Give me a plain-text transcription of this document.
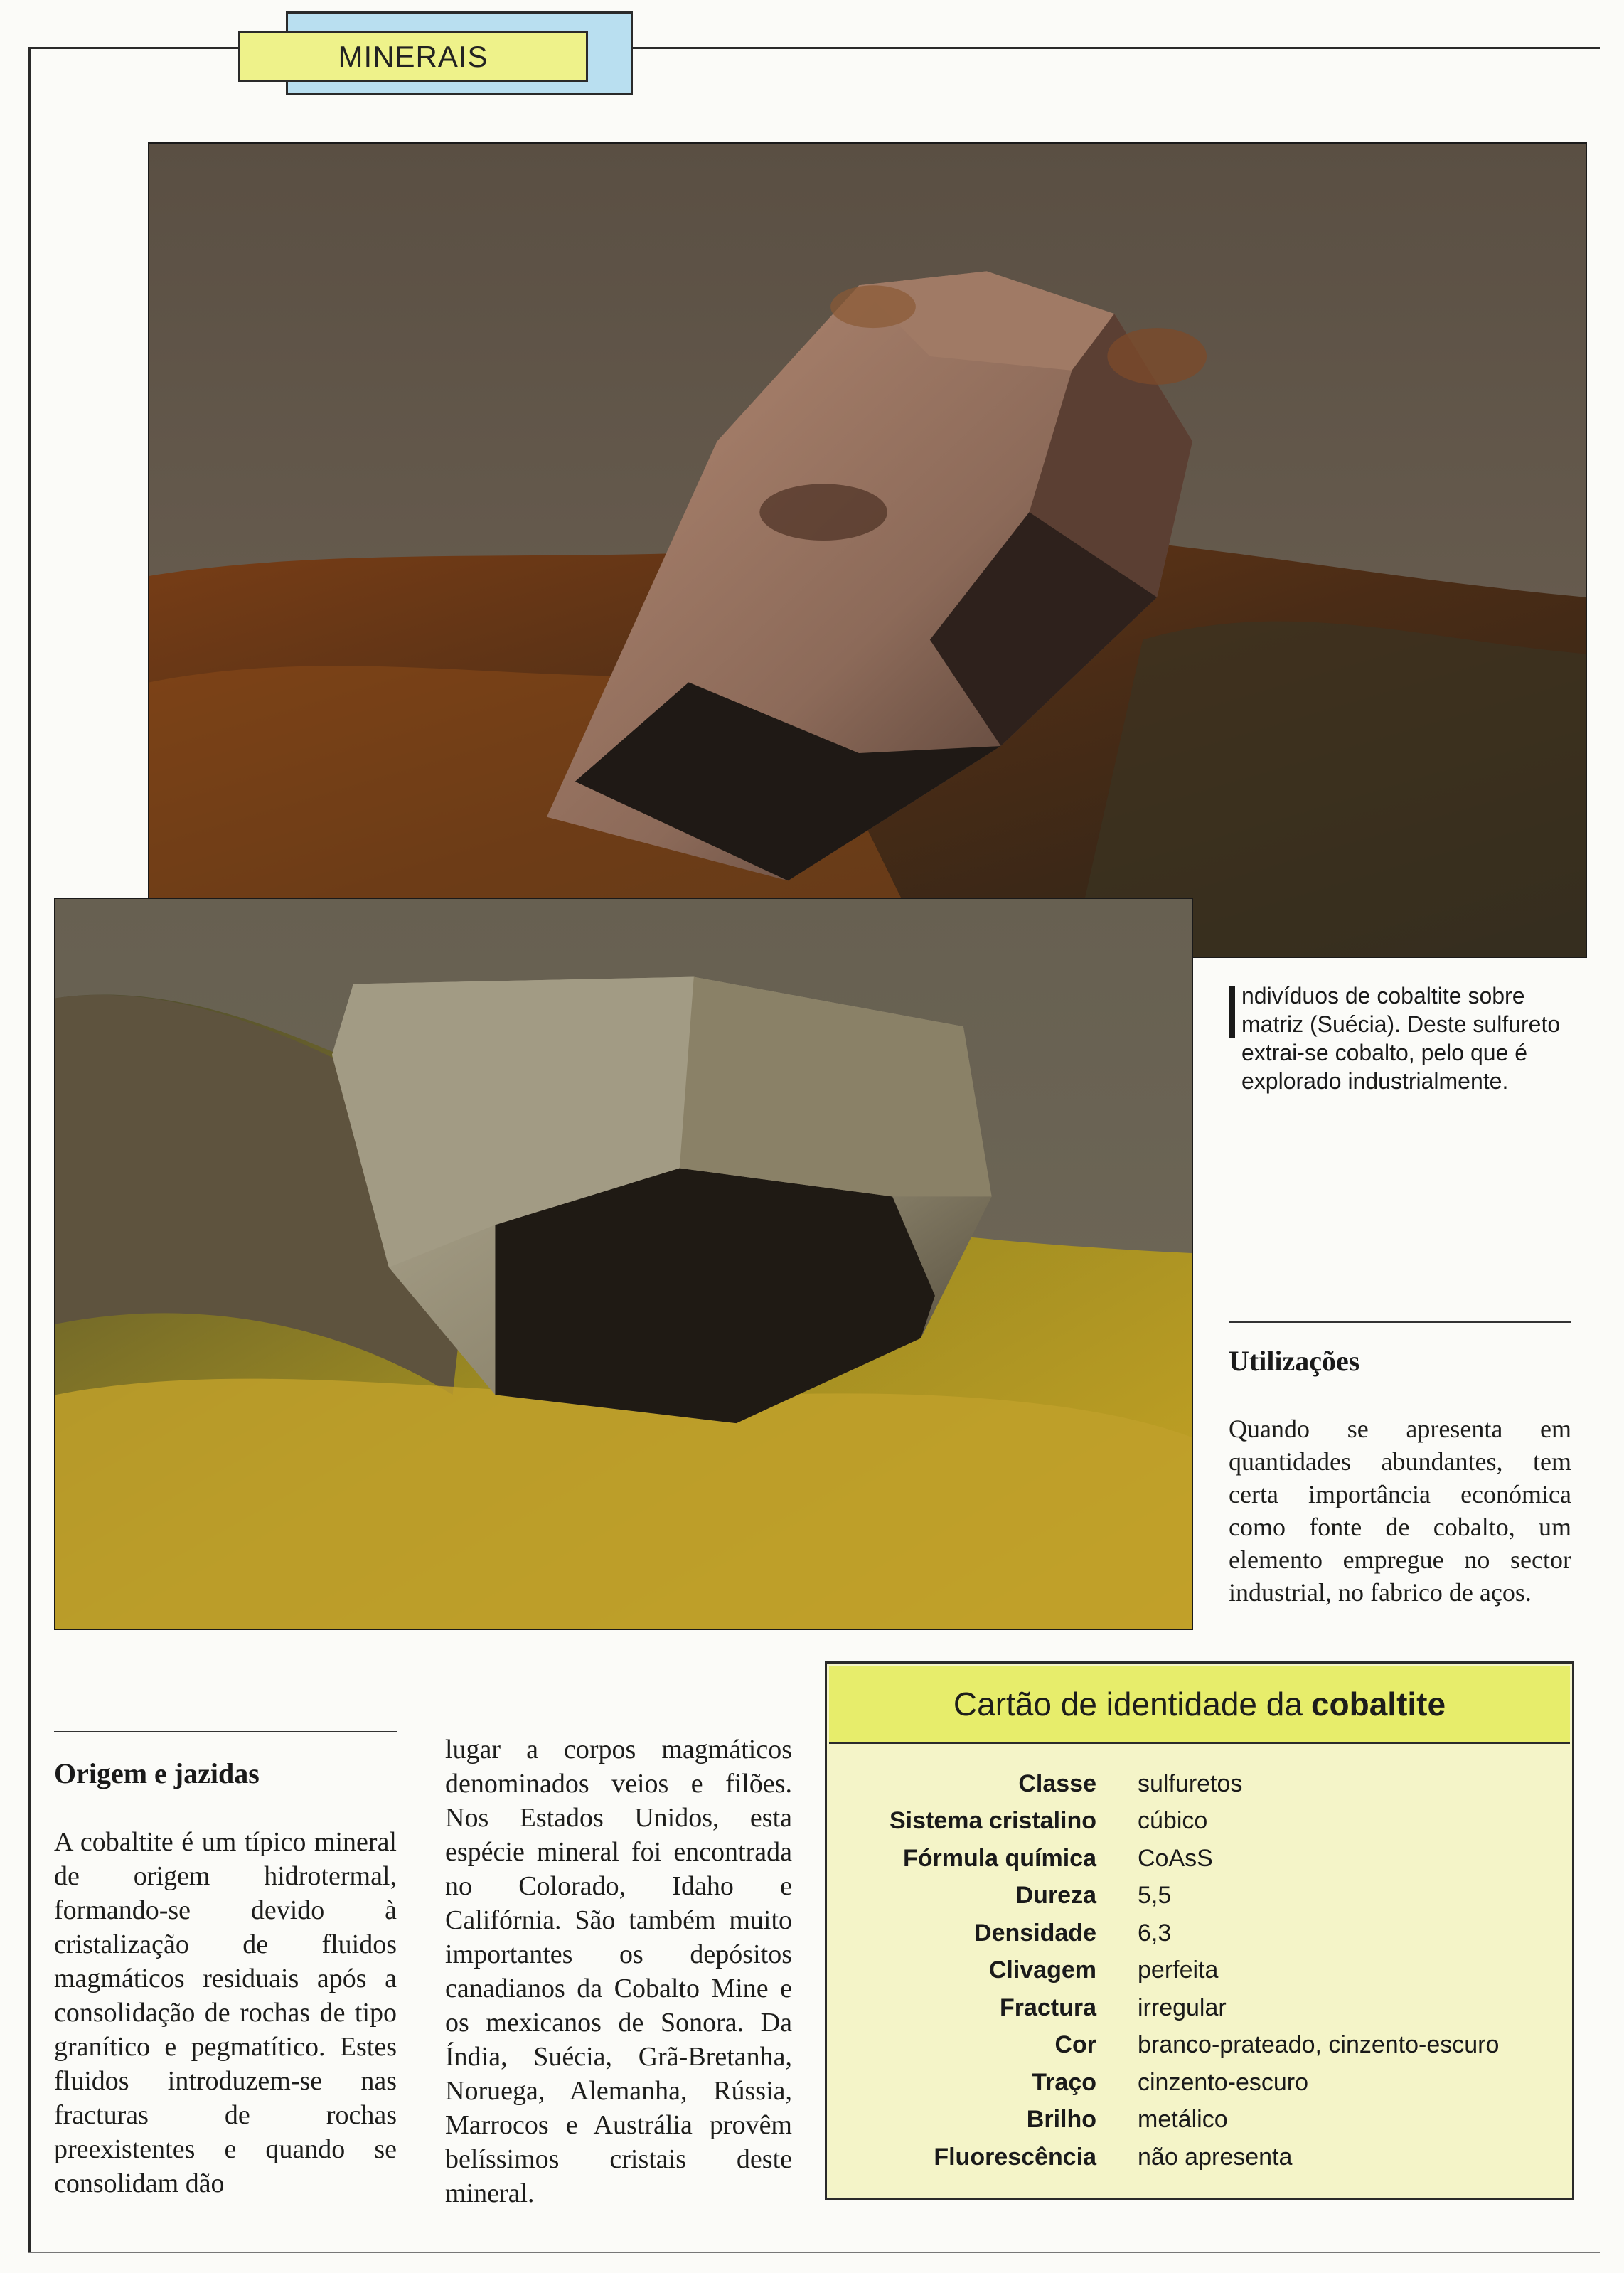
MINERAIS

ndivíduos de cobaltite sobre matriz (Suécia). Deste sulfureto extrai-se cobalto, pelo que é explorado industrialmente.

Utilizações

Quando se apresenta em quantidades abundantes, tem certa importância económica como fonte de cobalto, um elemento empregue no sector industrial, no fabrico de aços.

Origem e jazidas

A cobaltite é um típico mineral de origem hidrotermal, formando-se devido à cristalização de fluidos magmáticos residuais após a consolidação de rochas de tipo granítico e pegmatítico. Estes fluidos introduzem-se nas fracturas de rochas preexistentes e quando se consolidam dão

lugar a corpos magmáticos denominados veios e filões. Nos Estados Unidos, esta espécie mineral foi encontrada no Colorado, Idaho e Califórnia. São também muito importantes os depósitos canadianos da Cobalto Mine e os mexicanos de Sonora. Da Índia, Suécia, Grã-Bretanha, Noruega, Alemanha, Rússia, Marrocos e Austrália provêm belíssimos cristais deste mineral.

Cartão de identidade da cobaltite
Classe	sulfuretos
Sistema cristalino	cúbico
Fórmula química	CoAsS
Dureza	5,5
Densidade	6,3
Clivagem	perfeita
Fractura	irregular
Cor	branco-prateado, cinzento-escuro
Traço	cinzento-escuro
Brilho	metálico
Fluorescência	não apresenta
